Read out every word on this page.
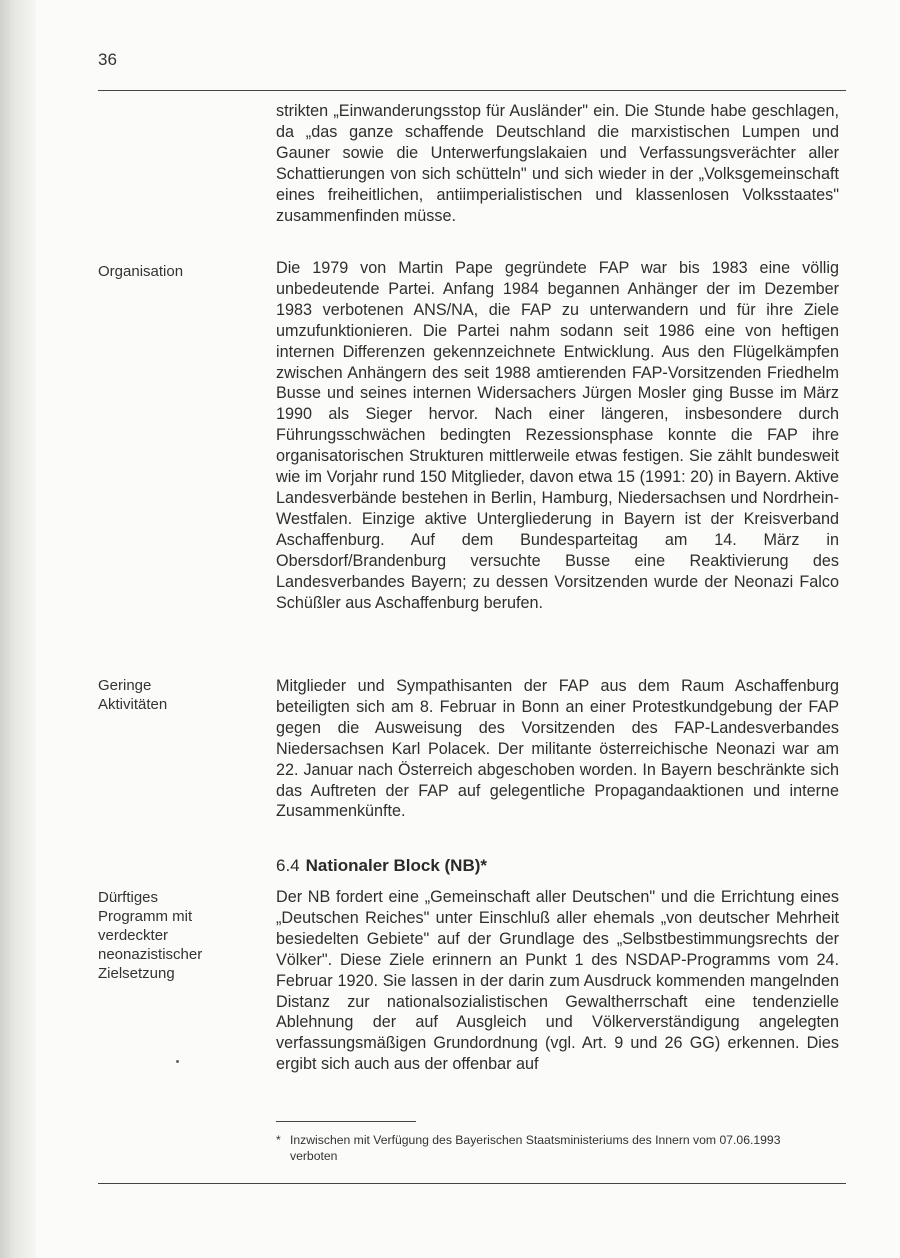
36
Organisation
Geringe
Aktivitäten
Dürftiges
Programm mit
verdeckter
neonazistischer
Zielsetzung

strikten „Einwanderungsstop für Ausländer" ein. Die Stunde habe geschlagen, da „das ganze schaffende Deutschland die marxistischen Lumpen und Gauner sowie die Unterwerfungslakaien und Verfassungsverächter aller Schattierungen von sich schütteln" und sich wieder in der „Volksgemeinschaft eines freiheitlichen, antiimperialistischen und klassenlosen Volksstaates" zusammenfinden müsse.

Die 1979 von Martin Pape gegründete FAP war bis 1983 eine völlig unbedeutende Partei. Anfang 1984 begannen Anhänger der im Dezember 1983 verbotenen ANS/NA, die FAP zu unterwandern und für ihre Ziele umzufunktionieren. Die Partei nahm sodann seit 1986 eine von heftigen internen Differenzen gekennzeichnete Entwicklung. Aus den Flügelkämpfen zwischen Anhängern des seit 1988 amtierenden FAP-Vorsitzenden Friedhelm Busse und seines internen Widersachers Jürgen Mosler ging Busse im März 1990 als Sieger hervor. Nach einer längeren, insbesondere durch Führungsschwächen bedingten Rezessionsphase konnte die FAP ihre organisatorischen Strukturen mittlerweile etwas festigen. Sie zählt bundesweit wie im Vorjahr rund 150 Mitglieder, davon etwa 15 (1991: 20) in Bayern. Aktive Landesverbände bestehen in Berlin, Hamburg, Niedersachsen und Nordrhein-Westfalen. Einzige aktive Untergliederung in Bayern ist der Kreisverband Aschaffenburg. Auf dem Bundesparteitag am 14. März in Obersdorf/Brandenburg versuchte Busse eine Reaktivierung des Landesverbandes Bayern; zu dessen Vorsitzenden wurde der Neonazi Falco Schüßler aus Aschaffenburg berufen.

Mitglieder und Sympathisanten der FAP aus dem Raum Aschaffenburg beteiligten sich am 8. Februar in Bonn an einer Protestkundgebung der FAP gegen die Ausweisung des Vorsitzenden des FAP-Landesverbandes Niedersachsen Karl Polacek. Der militante österreichische Neonazi war am 22. Januar nach Österreich abgeschoben worden. In Bayern beschränkte sich das Auftreten der FAP auf gelegentliche Propagandaaktionen und interne Zusammenkünfte.

6.4 Nationaler Block (NB)*

Der NB fordert eine „Gemeinschaft aller Deutschen" und die Errichtung eines „Deutschen Reiches" unter Einschluß aller ehemals „von deutscher Mehrheit besiedelten Gebiete" auf der Grundlage des „Selbstbestimmungsrechts der Völker". Diese Ziele erinnern an Punkt 1 des NSDAP-Programms vom 24. Februar 1920. Sie lassen in der darin zum Ausdruck kommenden mangelnden Distanz zur nationalsozialistischen Gewaltherrschaft eine tendenzielle Ablehnung der auf Ausgleich und Völkerverständigung angelegten verfassungsmäßigen Grundordnung (vgl. Art. 9 und 26 GG) erkennen. Dies ergibt sich auch aus der offenbar auf

* Inzwischen mit Verfügung des Bayerischen Staatsministeriums des Innern vom 07.06.1993 verboten
